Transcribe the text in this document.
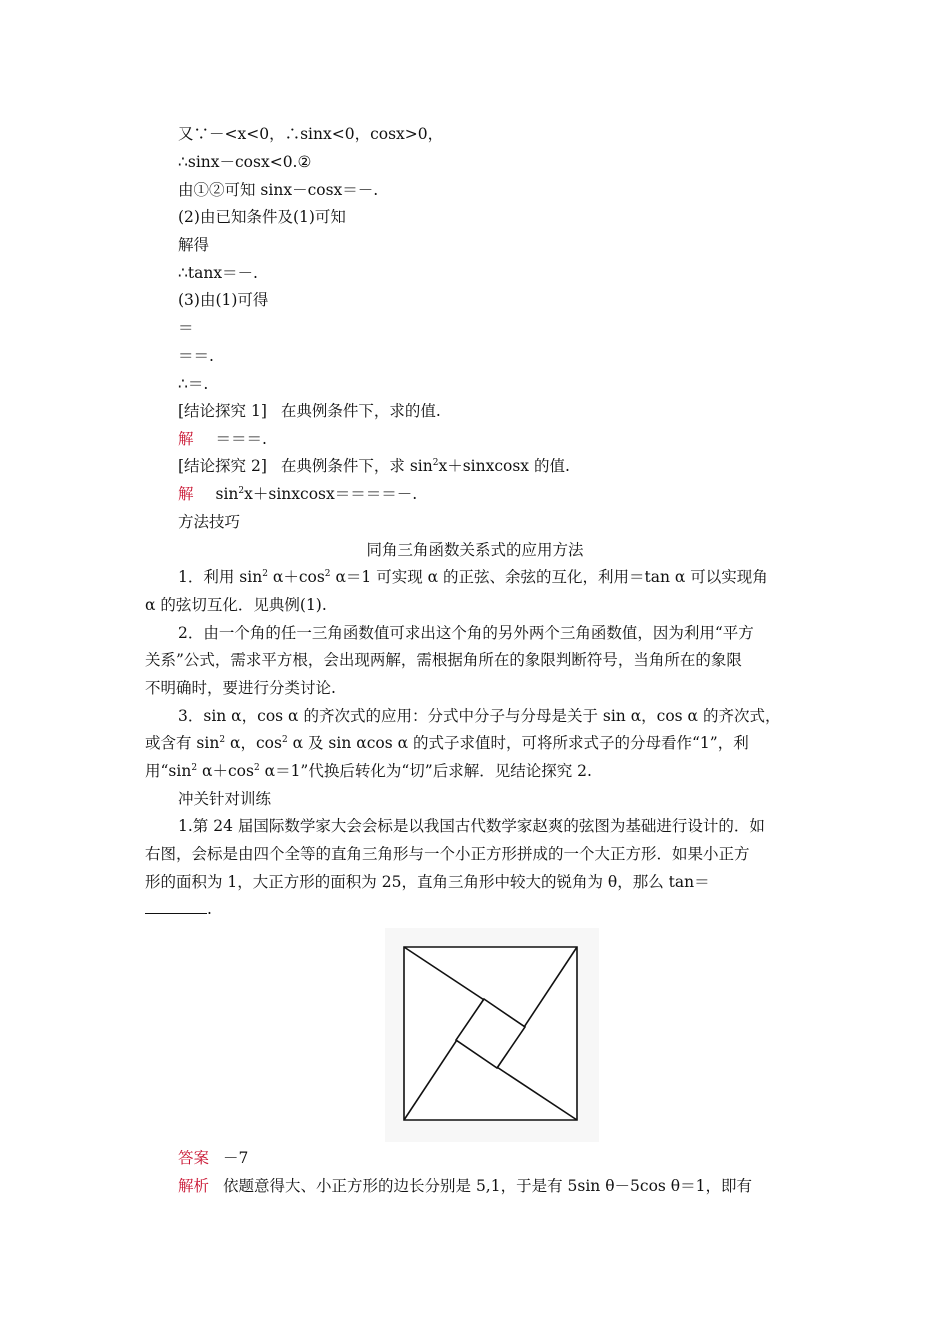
又∵－<x<0，∴sinx<0，cosx>0，
∴sinx－cosx<0.②
由①②可知 sinx－cosx＝－.
(2)由已知条件及(1)可知
解得
∴tanx＝－.
(3)由(1)可得
＝
＝＝.
∴＝.
[结论探究 1] 在典例条件下，求的值.
解 ＝＝＝.
[结论探究 2] 在典例条件下，求 $\sin^2x+sinxcosx$ 的值.
解 $\sin^2x+sinxcosx====-$.
方法技巧
同角三角函数关系式的应用方法
1．利用 $\sin^2 \alpha+\cos^2$ α＝1 可实现 α 的正弦、余弦的互化，利用＝tan α 可以实现角
α 的弦切互化．见典例(1).
2．由一个角的任一三角函数值可求出这个角的另外两个三角函数值，因为利用“平方
关系”公式，需求平方根，会出现两解，需根据角所在的象限判断符号，当角所在的象限
不明确时，要进行分类讨论.
3．sin α，cos α 的齐次式的应用：分式中分子与分母是关于 sin α，cos α 的齐次式，
或含有 $\sin^2 \alpha$，$\cos^2 \alpha$ 及 sin αcos α 的式子求值时，可将所求式子的分母看作“1”，利
用“$\sin^2$ $\alpha+\cos^2$ α＝1”代换后转化为“切”后求解．见结论探究 2.
冲关针对训练
1.第 24 届国际数学家大会会标是以我国古代数学家赵爽的弦图为基础进行设计的．如
右图，会标是由四个全等的直角三角形与一个小正方形拼成的一个大正方形．如果小正方
形的面积为 1，大正方形的面积为 25，直角三角形中较大的锐角为 θ，那么 tan＝
.
答案 －7
解析 依题意得大、小正方形的边长分别是 5,1，于是有 5sin θ－5cos θ＝1，即有
